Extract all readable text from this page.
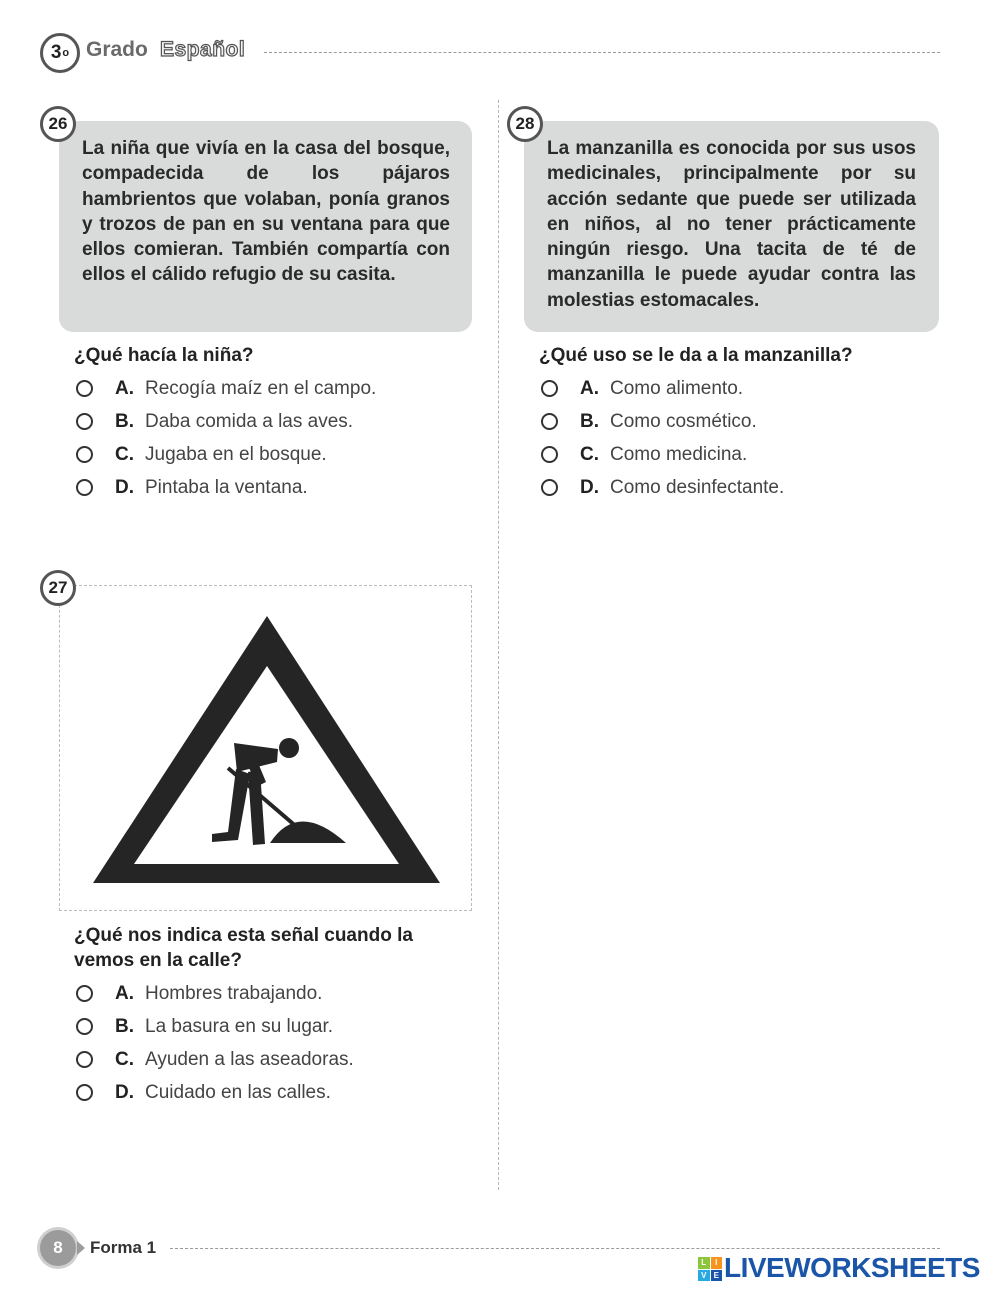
3 o Grado Español
26

La niña que vivía en la casa del bosque, compadecida de los pájaros hambrientos que volaban, ponía granos y trozos de pan en su ventana para que ellos comieran. También compartía con ellos el cálido refugio de su casita.

¿Qué hacía la niña?
A. Recogía maíz en el campo.
B. Daba comida a las aves.
C. Jugaba en el bosque.
D. Pintaba la ventana.
28

La manzanilla es conocida por sus usos medicinales, principalmente por su acción sedante que puede ser utilizada en niños, al no tener prácticamente ningún riesgo. Una tacita de té de manzanilla le puede ayudar contra las molestias estomacales.

¿Qué uso se le da a la manzanilla?
A. Como alimento.
B. Como cosmético.
C. Como medicina.
D. Como desinfectante.
27
¿Qué nos indica esta señal cuando la vemos en la calle?
A. Hombres trabajando.
B. La basura en su lugar.
C. Ayuden a las aseadoras.
D. Cuidado en las calles.
8	Forma 1
L	I
V E LIVEWORKSHEETS
